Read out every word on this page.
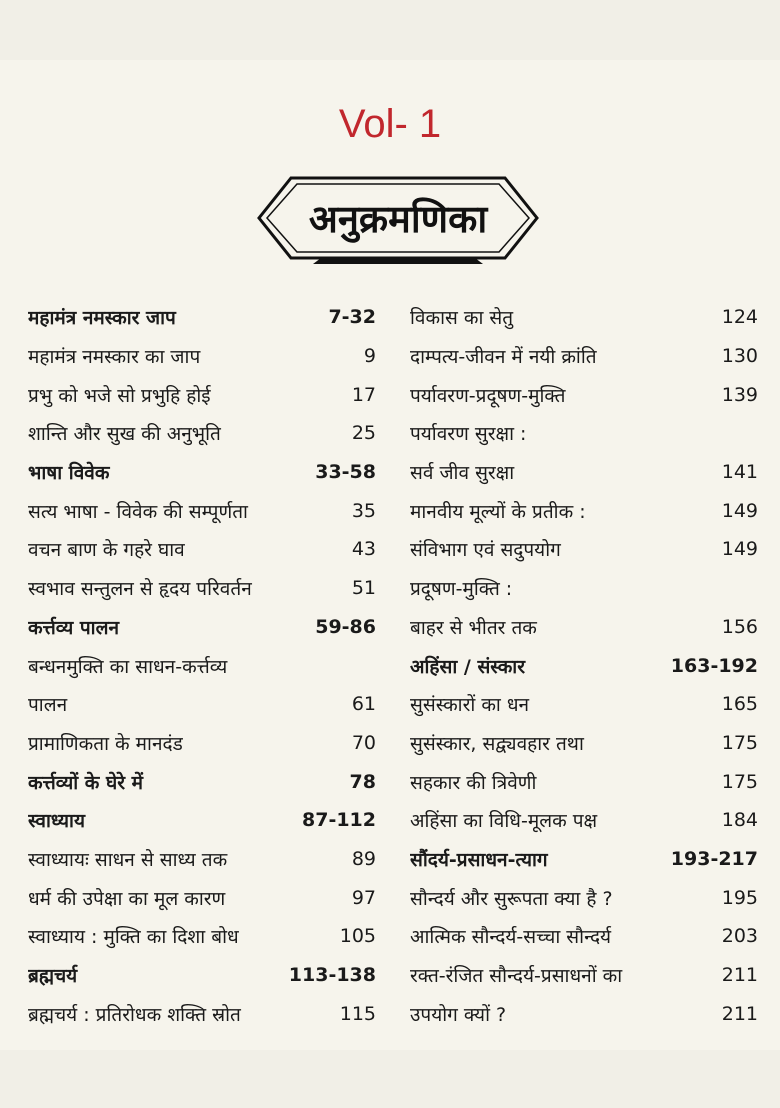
Vol- 1
अनुक्रमणिका
महामंत्र नमस्कार जाप	7-32
महामंत्र नमस्कार का जाप	9
प्रभु को भजे सो प्रभुहि होई	17
शान्ति और सुख की अनुभूति	25
भाषा विवेक	33-58
सत्य भाषा - विवेक की सम्पूर्णता	35
वचन बाण के गहरे घाव	43
स्वभाव सन्तुलन से हृदय परिवर्तन	51
कर्त्तव्य पालन	59-86
बन्धनमुक्ति का साधन-कर्त्तव्य
पालन	61
प्रामाणिकता के मानदंड	70
कर्त्तव्यों के घेरे में	78
स्वाध्याय	87-112
स्वाध्यायः साधन से साध्य तक	89
धर्म की उपेक्षा का मूल कारण	97
स्वाध्याय : मुक्ति का दिशा बोध	105
ब्रह्मचर्य	113-138
ब्रह्मचर्य : प्रतिरोधक शक्ति स्रोत	115
विकास का सेतु	124
दाम्पत्य-जीवन में नयी क्रांति	130
पर्यावरण-प्रदूषण-मुक्ति	139
पर्यावरण सुरक्षा :
सर्व जीव सुरक्षा	141
मानवीय मूल्यों के प्रतीक :	149
संविभाग एवं सदुपयोग	149
प्रदूषण-मुक्ति :
बाहर से भीतर तक	156
अहिंसा / संस्कार	163-192
सुसंस्कारों का धन	165
सुसंस्कार, सद्व्यवहार तथा	175
सहकार की त्रिवेणी	175
अहिंसा का विधि-मूलक पक्ष	184
सौंदर्य-प्रसाधन-त्याग	193-217
सौन्दर्य और सुरूपता क्या है ?	195
आत्मिक सौन्दर्य-सच्चा सौन्दर्य	203
रक्त-रंजित सौन्दर्य-प्रसाधनों का	211
उपयोग क्यों ?	211
